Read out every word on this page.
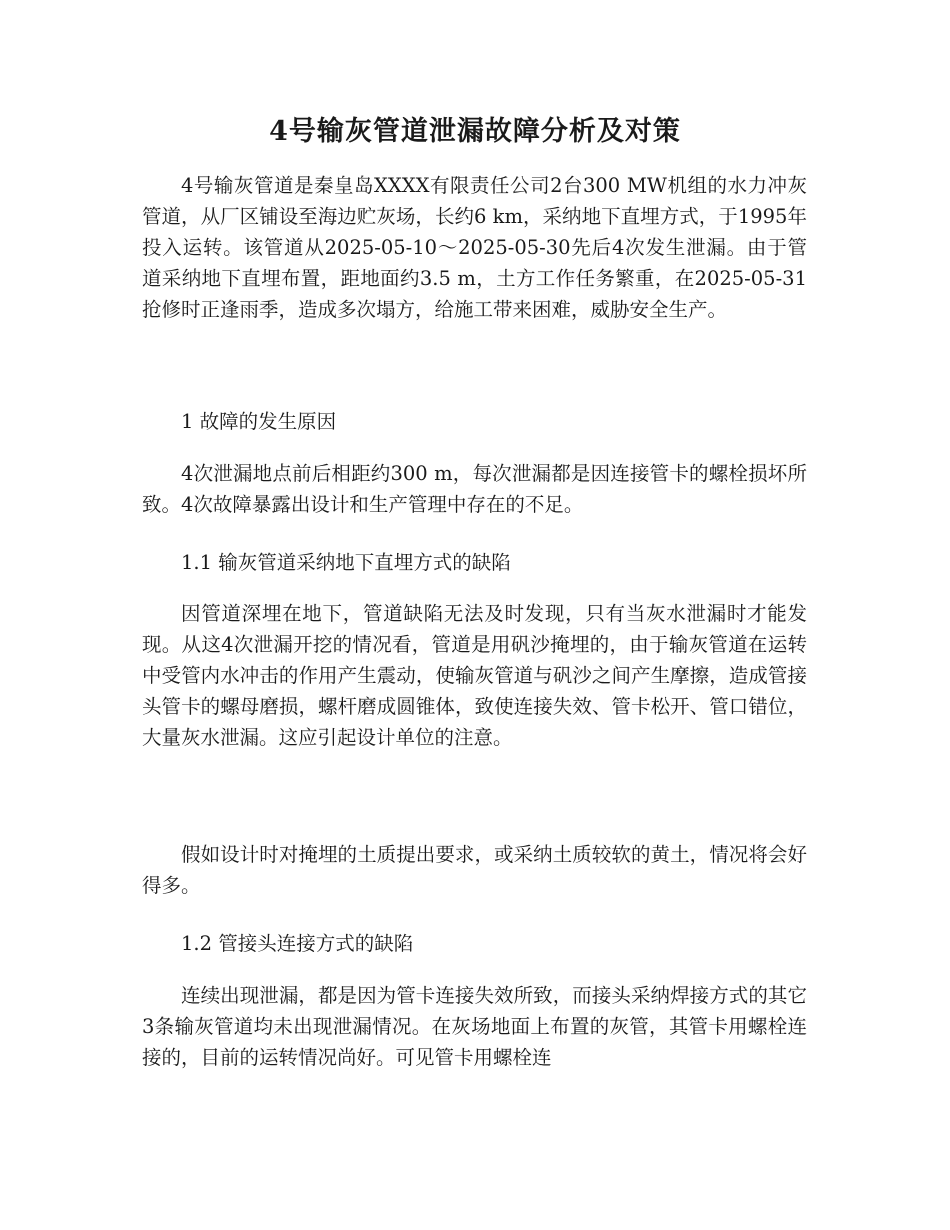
4号输灰管道泄漏故障分析及对策
4号输灰管道是秦皇岛XXXX有限责任公司2台300 MW机组的水力冲灰管道，从厂区铺设至海边贮灰场，长约6 km，采纳地下直埋方式，于1995年投入运转。该管道从2025-05-10～2025-05-30先后4次发生泄漏。由于管道采纳地下直埋布置，距地面约3.5 m，土方工作任务繁重，在2025-05-31抢修时正逢雨季，造成多次塌方，给施工带来困难，威胁安全生产。
1 故障的发生原因
4次泄漏地点前后相距约300 m，每次泄漏都是因连接管卡的螺栓损坏所致。4次故障暴露出设计和生产管理中存在的不足。
1.1 输灰管道采纳地下直埋方式的缺陷
因管道深埋在地下，管道缺陷无法及时发现，只有当灰水泄漏时才能发现。从这4次泄漏开挖的情况看，管道是用矾沙掩埋的，由于输灰管道在运转中受管内水冲击的作用产生震动，使输灰管道与矾沙之间产生摩擦，造成管接头管卡的螺母磨损，螺杆磨成圆锥体，致使连接失效、管卡松开、管口错位，大量灰水泄漏。这应引起设计单位的注意。
假如设计时对掩埋的土质提出要求，或采纳土质较软的黄土，情况将会好得多。
1.2 管接头连接方式的缺陷
连续出现泄漏，都是因为管卡连接失效所致，而接头采纳焊接方式的其它3条输灰管道均未出现泄漏情况。在灰场地面上布置的灰管，其管卡用螺栓连接的，目前的运转情况尚好。可见管卡用螺栓连
